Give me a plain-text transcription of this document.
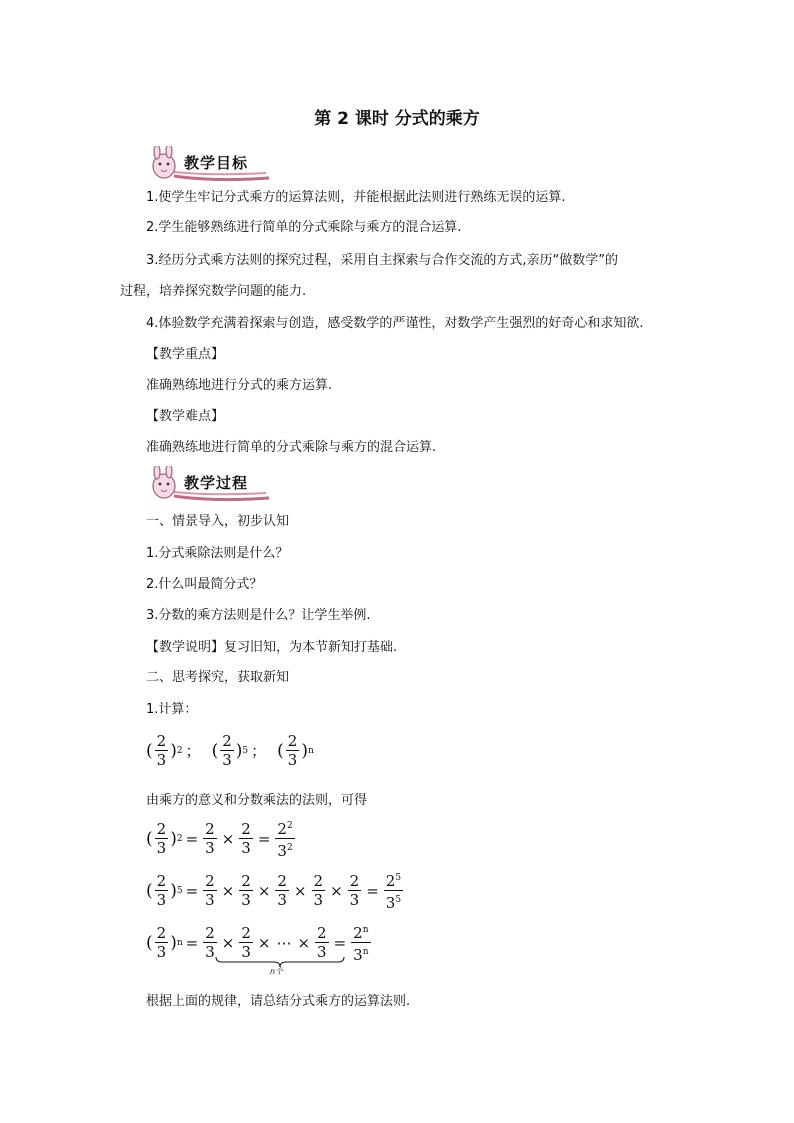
第 2 课时 分式的乘方
教学目标
1.使学生牢记分式乘方的运算法则，并能根据此法则进行熟练无误的运算.
2.学生能够熟练进行简单的分式乘除与乘方的混合运算.
3.经历分式乘方法则的探究过程，采用自主探索与合作交流的方式,亲历“做数学”的
过程，培养探究数学问题的能力.
4.体验数学充满着探索与创造，感受数学的严谨性，对数学产生强烈的好奇心和求知欲.
【教学重点】
准确熟练地进行分式的乘方运算.
【教学难点】
准确熟练地进行简单的分式乘除与乘方的混合运算.
教学过程
一、情景导入，初步认知
1.分式乘除法则是什么？
2.什么叫最简分式？
3.分数的乘方法则是什么？让学生举例.
【教学说明】复习旧知，为本节新知打基础.
二、思考探究，获取新知
1.计算：
( $\frac{2}{3}$ ) 2 ； ( $\frac{2}{3}$ ) 5 ； ( $\frac{2}{3}$ ) n
由乘方的意义和分数乘法的法则，可得
( $\frac{2}{3}$ ) $2 = \frac{2}{3} \times \frac{2}{3} = \frac{2^2}{3^2}$
( $\frac{2}{3}$ ) $5 = \frac{2}{3} \times \frac{2}{3} \times \frac{2}{3} \times \frac{2}{3} \times \frac{2}{3} = \frac{2^5}{3^5}$
( $\frac{2}{3}$ ) $n = \frac{2}{3} \times \frac{2}{3}$ × ⋯ × $\frac{2}{3} = \frac{2^n}{3^n}$
n个
根据上面的规律，请总结分式乘方的运算法则.
